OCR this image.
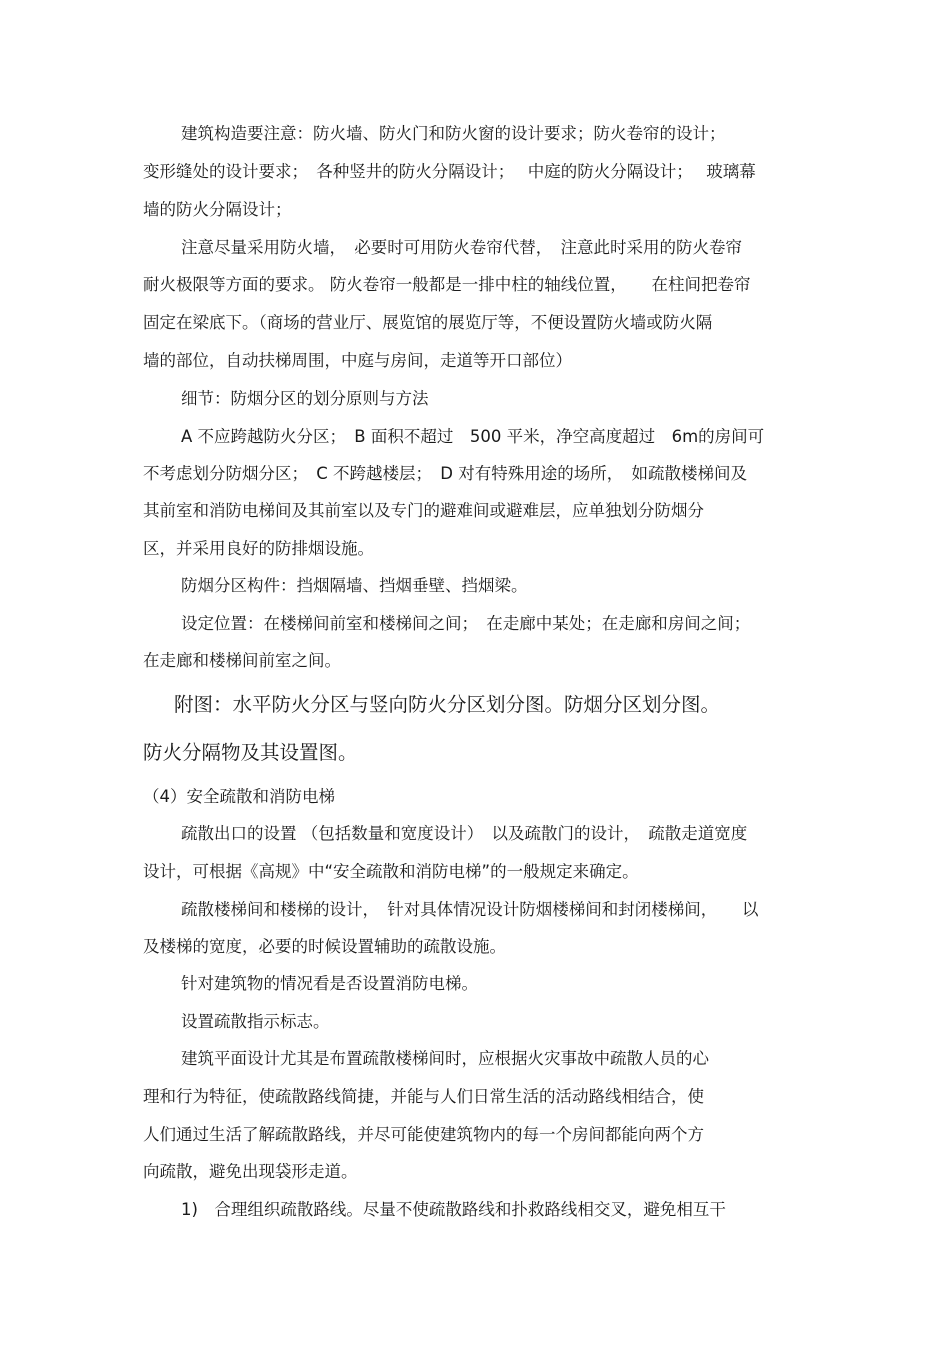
建筑构造要注意：防火墙、防火门和防火窗的设计要求；防火卷帘的设计；
变形缝处的设计要求；　各种竖井的防火分隔设计；　 中庭的防火分隔设计；　 玻璃幕
墙的防火分隔设计；
注意尽量采用防火墙，　必要时可用防火卷帘代替，　注意此时采用的防火卷帘
耐火极限等方面的要求。 防火卷帘一般都是一排中柱的轴线位置，　　在柱间把卷帘
固定在梁底下。（商场的营业厅、展览馆的展览厅等，不便设置防火墙或防火隔
墙的部位，自动扶梯周围，中庭与房间，走道等开口部位）
细节：防烟分区的划分原则与方法
A 不应跨越防火分区；　B 面积不超过　500 平米，净空高度超过　6m的房间可
不考虑划分防烟分区；　C 不跨越楼层；　D 对有特殊用途的场所，　如疏散楼梯间及
其前室和消防电梯间及其前室以及专门的避难间或避难层，应单独划分防烟分
区，并采用良好的防排烟设施。
防烟分区构件：挡烟隔墙、挡烟垂壁、挡烟梁。
设定位置：在楼梯间前室和楼梯间之间；　在走廊中某处；在走廊和房间之间；
在走廊和楼梯间前室之间。
附图：水平防火分区与竖向防火分区划分图。防烟分区划分图。
防火分隔物及其设置图。
（4）安全疏散和消防电梯
疏散出口的设置 （包括数量和宽度设计）　以及疏散门的设计，　疏散走道宽度
设计，可根据《高规》中“安全疏散和消防电梯”的一般规定来确定。
疏散楼梯间和楼梯的设计，　针对具体情况设计防烟楼梯间和封闭楼梯间，　　以
及楼梯的宽度，必要的时候设置辅助的疏散设施。
针对建筑物的情况看是否设置消防电梯。
设置疏散指示标志。
建筑平面设计尤其是布置疏散楼梯间时，应根据火灾事故中疏散人员的心
理和行为特征，使疏散路线简捷，并能与人们日常生活的活动路线相结合，使
人们通过生活了解疏散路线，并尽可能使建筑物内的每一个房间都能向两个方
向疏散，避免出现袋形走道。
1)　合理组织疏散路线。尽量不使疏散路线和扑救路线相交叉，避免相互干
